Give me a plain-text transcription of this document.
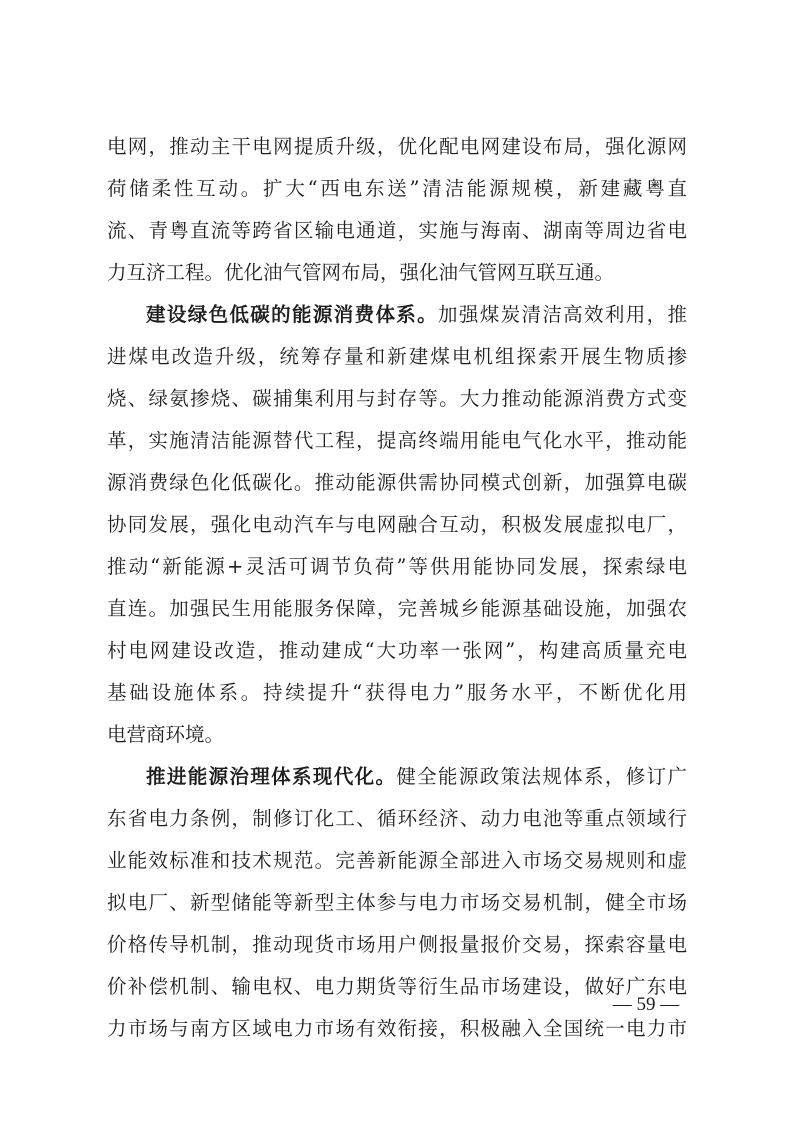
电网，推动主干电网提质升级，优化配电网建设布局，强化源网
荷储柔性互动。扩大“西电东送”清洁能源规模，新建藏粤直
流、青粤直流等跨省区输电通道，实施与海南、湖南等周边省电
力互济工程。优化油气管网布局，强化油气管网互联互通。
建设绿色低碳的能源消费体系。加强煤炭清洁高效利用，推
进煤电改造升级，统筹存量和新建煤电机组探索开展生物质掺
烧、绿氨掺烧、碳捕集利用与封存等。大力推动能源消费方式变
革，实施清洁能源替代工程，提高终端用能电气化水平，推动能
源消费绿色化低碳化。推动能源供需协同模式创新，加强算电碳
协同发展，强化电动汽车与电网融合互动，积极发展虚拟电厂，
推动“新能源+灵活可调节负荷”等供用能协同发展，探索绿电
直连。加强民生用能服务保障，完善城乡能源基础设施，加强农
村电网建设改造，推动建成“大功率一张网”，构建高质量充电
基础设施体系。持续提升“获得电力”服务水平，不断优化用
电营商环境。
推进能源治理体系现代化。健全能源政策法规体系，修订广
东省电力条例，制修订化工、循环经济、动力电池等重点领域行
业能效标准和技术规范。完善新能源全部进入市场交易规则和虚
拟电厂、新型储能等新型主体参与电力市场交易机制，健全市场
价格传导机制，推动现货市场用户侧报量报价交易，探索容量电
价补偿机制、输电权、电力期货等衍生品市场建设，做好广东电
力市场与南方区域电力市场有效衔接，积极融入全国统一电力市
— 59 —
